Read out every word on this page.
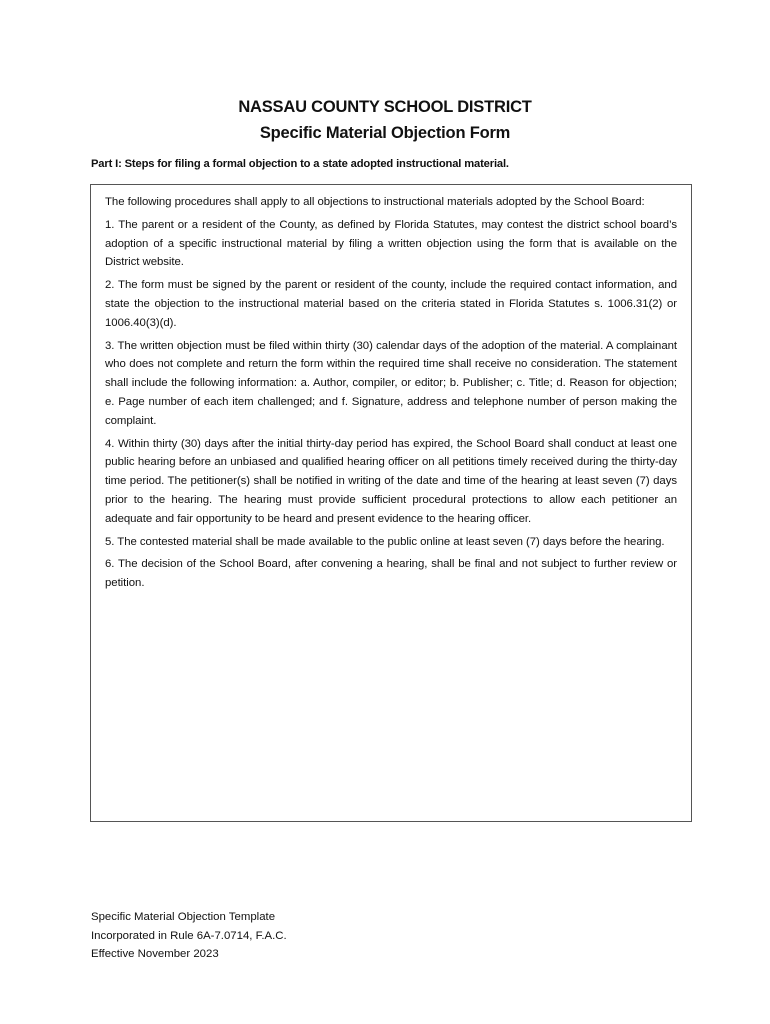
NASSAU COUNTY SCHOOL DISTRICT
Specific Material Objection Form
Part I: Steps for filing a formal objection to a state adopted instructional material.

The following procedures shall apply to all objections to instructional materials adopted by the School Board:

1. The parent or a resident of the County, as defined by Florida Statutes, may contest the district school board’s adoption of a specific instructional material by filing a written objection using the form that is available on the District website.

2. The form must be signed by the parent or resident of the county, include the required contact information, and state the objection to the instructional material based on the criteria stated in Florida Statutes s. 1006.31(2) or 1006.40(3)(d).

3. The written objection must be filed within thirty (30) calendar days of the adoption of the material. A complainant who does not complete and return the form within the required time shall receive no consideration. The statement shall include the following information: a. Author, compiler, or editor; b. Publisher; c. Title; d. Reason for objection; e. Page number of each item challenged; and f. Signature, address and telephone number of person making the complaint.

4. Within thirty (30) days after the initial thirty-day period has expired, the School Board shall conduct at least one public hearing before an unbiased and qualified hearing officer on all petitions timely received during the thirty-day time period. The petitioner(s) shall be notified in writing of the date and time of the hearing at least seven (7) days prior to the hearing. The hearing must provide sufficient procedural protections to allow each petitioner an adequate and fair opportunity to be heard and present evidence to the hearing officer.

5. The contested material shall be made available to the public online at least seven (7) days before the hearing.

6. The decision of the School Board, after convening a hearing, shall be final and not subject to further review or petition.

Specific Material Objection Template
Incorporated in Rule 6A-7.0714, F.A.C.
Effective November 2023
